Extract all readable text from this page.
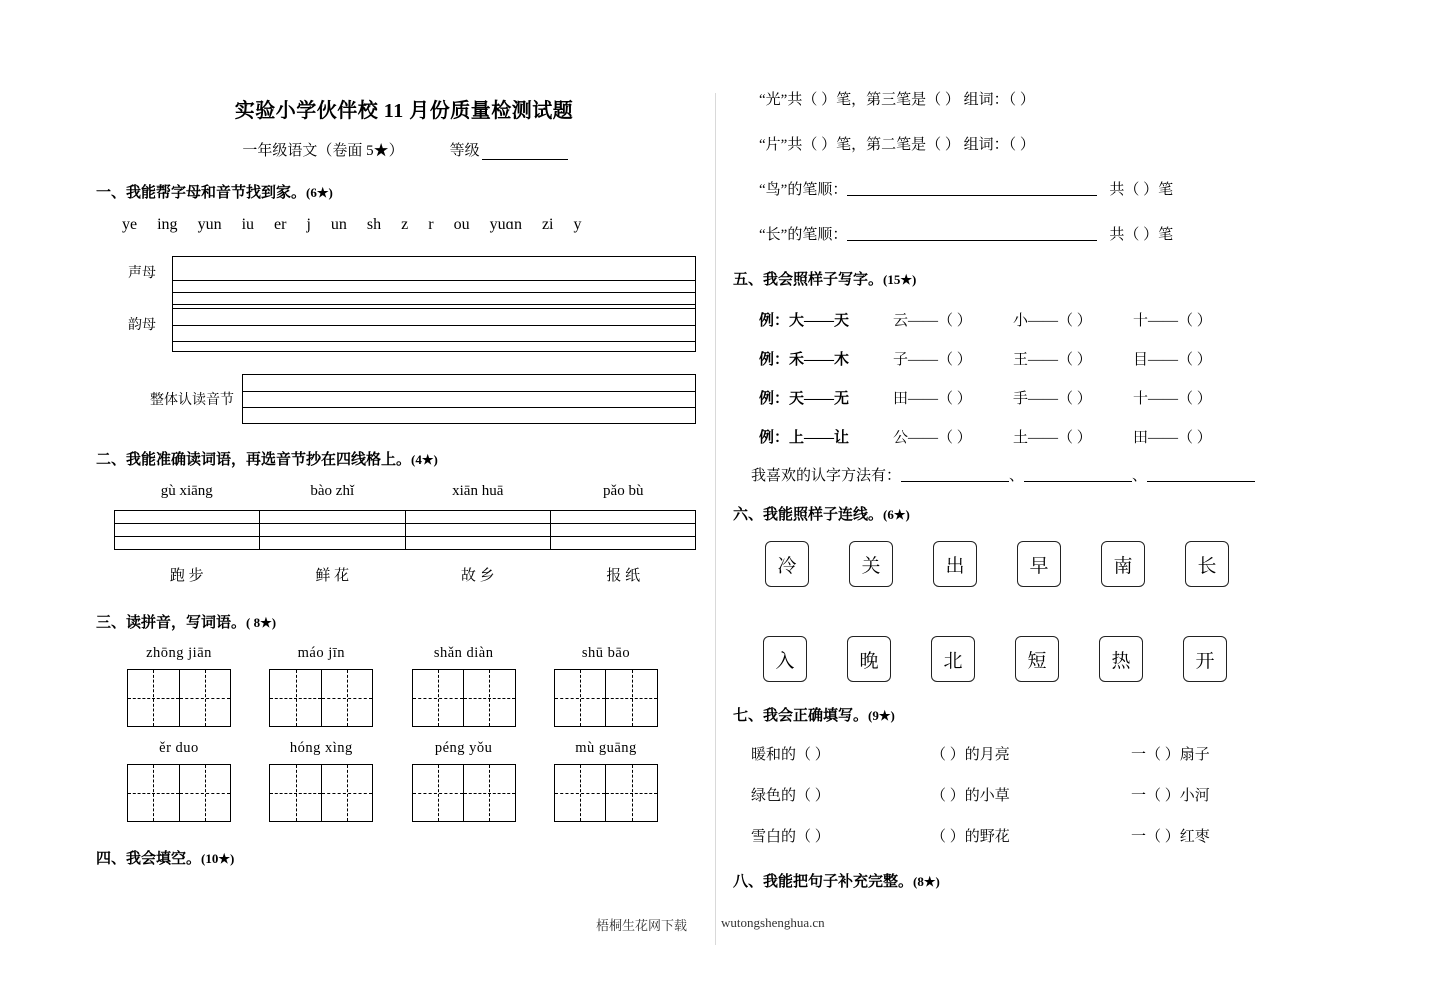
实验小学伙伴校 11 月份质量检测试题
一年级语文（卷面 5★）	等级
一、我能帮字母和音节找到家。(6★)
ye ing yun iu er j un sh z r ou yuɑn zi y
声母
韵母
整体认读音节
二、我能准确读词语，再选音节抄在四线格上。(4★)
gù xiāng	bào zhǐ	xiān huā	pǎo bù
跑 步	鲜 花	故 乡	报 纸
三、读拼音，写词语。( 8★)
zhōng jiān	máo jīn	shǎn diàn	shū bāo
ěr duo	hóng xìng	péng yǒu	mù guāng
四、我会填空。(10★)
“光”共（ ）笔，第三笔是（ ） 组词：（ ）
“片”共（ ）笔，第二笔是（ ） 组词：（ ）
“鸟”的笔顺：	共（ ）笔
“长”的笔顺：	共（ ）笔
五、我会照样子写字。(15★)
例：大——天	云——（ ）	小——（ ）	十——（ ）
例：禾——木	子——（ ）	王——（ ）	目——（ ）
例：天——无	田——（ ）	手——（ ）	十——（ ）
例：上——让	公——（ ）	土——（ ）	田——（ ）
我喜欢的认字方法有：	、	、
六、我能照样子连线。(6★)
冷	关	出	早	南	长
入	晚	北	短	热	开
七、我会正确填写。(9★)
暖和的（ ）	（ ）的月亮	一（ ）扇子
绿色的（ ）	（ ）的小草	一（ ）小河
雪白的（ ）	（ ）的野花	一（ ）红枣
八、我能把句子补充完整。(8★)
梧桐生花网下载	wutongshenghua.cn
